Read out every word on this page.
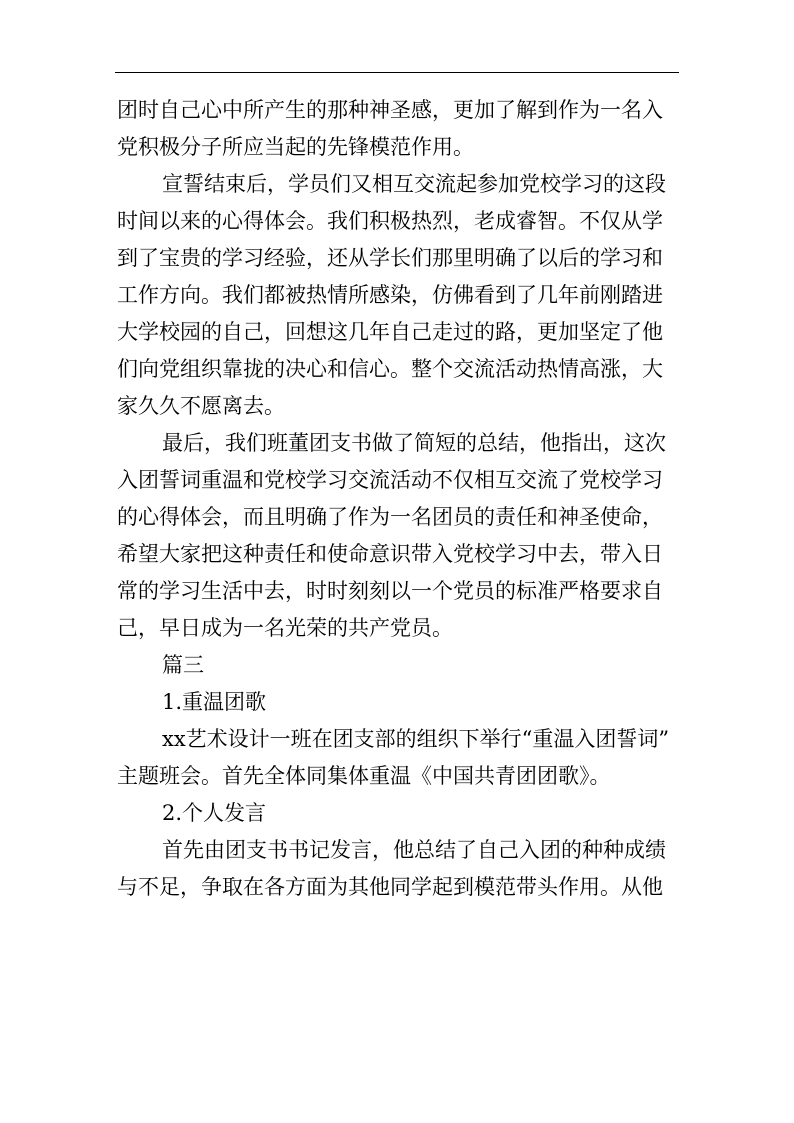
团时自己心中所产生的那种神圣感，更加了解到作为一名入
党积极分子所应当起的先锋模范作用。
宣誓结束后，学员们又相互交流起参加党校学习的这段
时间以来的心得体会。我们积极热烈，老成睿智。不仅从学
到了宝贵的学习经验，还从学长们那里明确了以后的学习和
工作方向。我们都被热情所感染，仿佛看到了几年前刚踏进
大学校园的自己，回想这几年自己走过的路，更加坚定了他
们向党组织靠拢的决心和信心。整个交流活动热情高涨，大
家久久不愿离去。
最后，我们班董团支书做了简短的总结，他指出，这次
入团誓词重温和党校学习交流活动不仅相互交流了党校学习
的心得体会，而且明确了作为一名团员的责任和神圣使命，
希望大家把这种责任和使命意识带入党校学习中去，带入日
常的学习生活中去，时时刻刻以一个党员的标准严格要求自
己，早日成为一名光荣的共产党员。
篇三
1.重温团歌
xx艺术设计一班在团支部的组织下举行“重温入团誓词”
主题班会。首先全体同集体重温《中国共青团团歌》。
2.个人发言
首先由团支书书记发言，他总结了自己入团的种种成绩
与不足，争取在各方面为其他同学起到模范带头作用。从他
